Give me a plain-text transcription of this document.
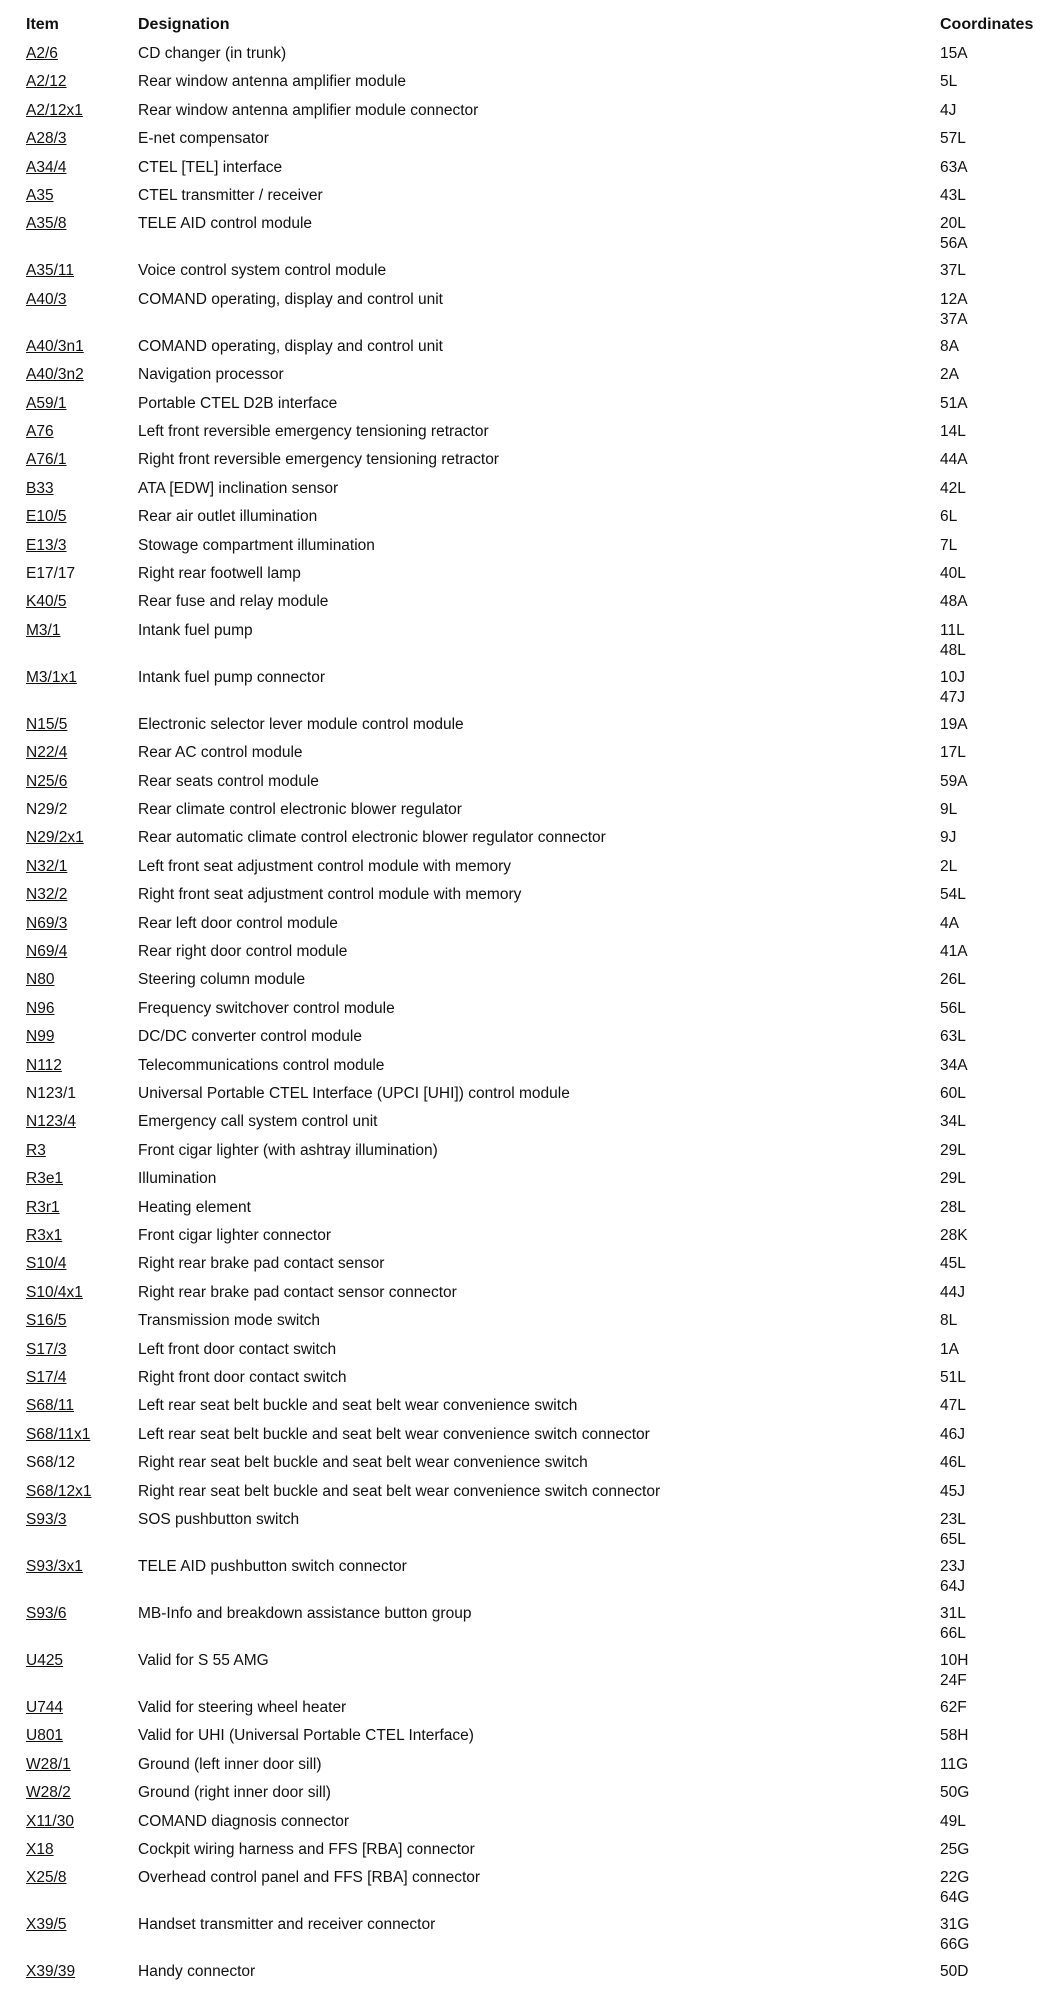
Item	Designation	Coordinates
A2/6	CD changer (in trunk)	15A
A2/12	Rear window antenna amplifier module	5L
A2/12x1	Rear window antenna amplifier module connector	4J
A28/3	E-net compensator	57L
A34/4	CTEL [TEL] interface	63A
A35	CTEL transmitter / receiver	43L
A35/8	TELE AID control module	20L
56A
A35/11	Voice control system control module	37L
A40/3	COMAND operating, display and control unit	12A
37A
A40/3n1	COMAND operating, display and control unit	8A
A40/3n2	Navigation processor	2A
A59/1	Portable CTEL D2B interface	51A
A76	Left front reversible emergency tensioning retractor	14L
A76/1	Right front reversible emergency tensioning retractor	44A
B33	ATA [EDW] inclination sensor	42L
E10/5	Rear air outlet illumination	6L
E13/3	Stowage compartment illumination	7L
E17/17	Right rear footwell lamp	40L
K40/5	Rear fuse and relay module	48A
M3/1	Intank fuel pump	11L
48L
M3/1x1	Intank fuel pump connector	10J
47J
N15/5	Electronic selector lever module control module	19A
N22/4	Rear AC control module	17L
N25/6	Rear seats control module	59A
N29/2	Rear climate control electronic blower regulator	9L
N29/2x1	Rear automatic climate control electronic blower regulator connector	9J
N32/1	Left front seat adjustment control module with memory	2L
N32/2	Right front seat adjustment control module with memory	54L
N69/3	Rear left door control module	4A
N69/4	Rear right door control module	41A
N80	Steering column module	26L
N96	Frequency switchover control module	56L
N99	DC/DC converter control module	63L
N112	Telecommunications control module	34A
N123/1	Universal Portable CTEL Interface (UPCI [UHI]) control module	60L
N123/4	Emergency call system control unit	34L
R3	Front cigar lighter (with ashtray illumination)	29L
R3e1	Illumination	29L
R3r1	Heating element	28L
R3x1	Front cigar lighter connector	28K
S10/4	Right rear brake pad contact sensor	45L
S10/4x1	Right rear brake pad contact sensor connector	44J
S16/5	Transmission mode switch	8L
S17/3	Left front door contact switch	1A
S17/4	Right front door contact switch	51L
S68/11	Left rear seat belt buckle and seat belt wear convenience switch	47L
S68/11x1	Left rear seat belt buckle and seat belt wear convenience switch connector	46J
S68/12	Right rear seat belt buckle and seat belt wear convenience switch	46L
S68/12x1	Right rear seat belt buckle and seat belt wear convenience switch connector	45J
S93/3	SOS pushbutton switch	23L
65L
S93/3x1	TELE AID pushbutton switch connector	23J
64J
S93/6	MB-Info and breakdown assistance button group	31L
66L
U425	Valid for S 55 AMG	10H
24F
U744	Valid for steering wheel heater	62F
U801	Valid for UHI (Universal Portable CTEL Interface)	58H
W28/1	Ground (left inner door sill)	11G
W28/2	Ground (right inner door sill)	50G
X11/30	COMAND diagnosis connector	49L
X18	Cockpit wiring harness and FFS [RBA] connector	25G
X25/8	Overhead control panel and FFS [RBA] connector	22G
64G
X39/5	Handset transmitter and receiver connector	31G
66G
X39/39	Handy connector	50D
